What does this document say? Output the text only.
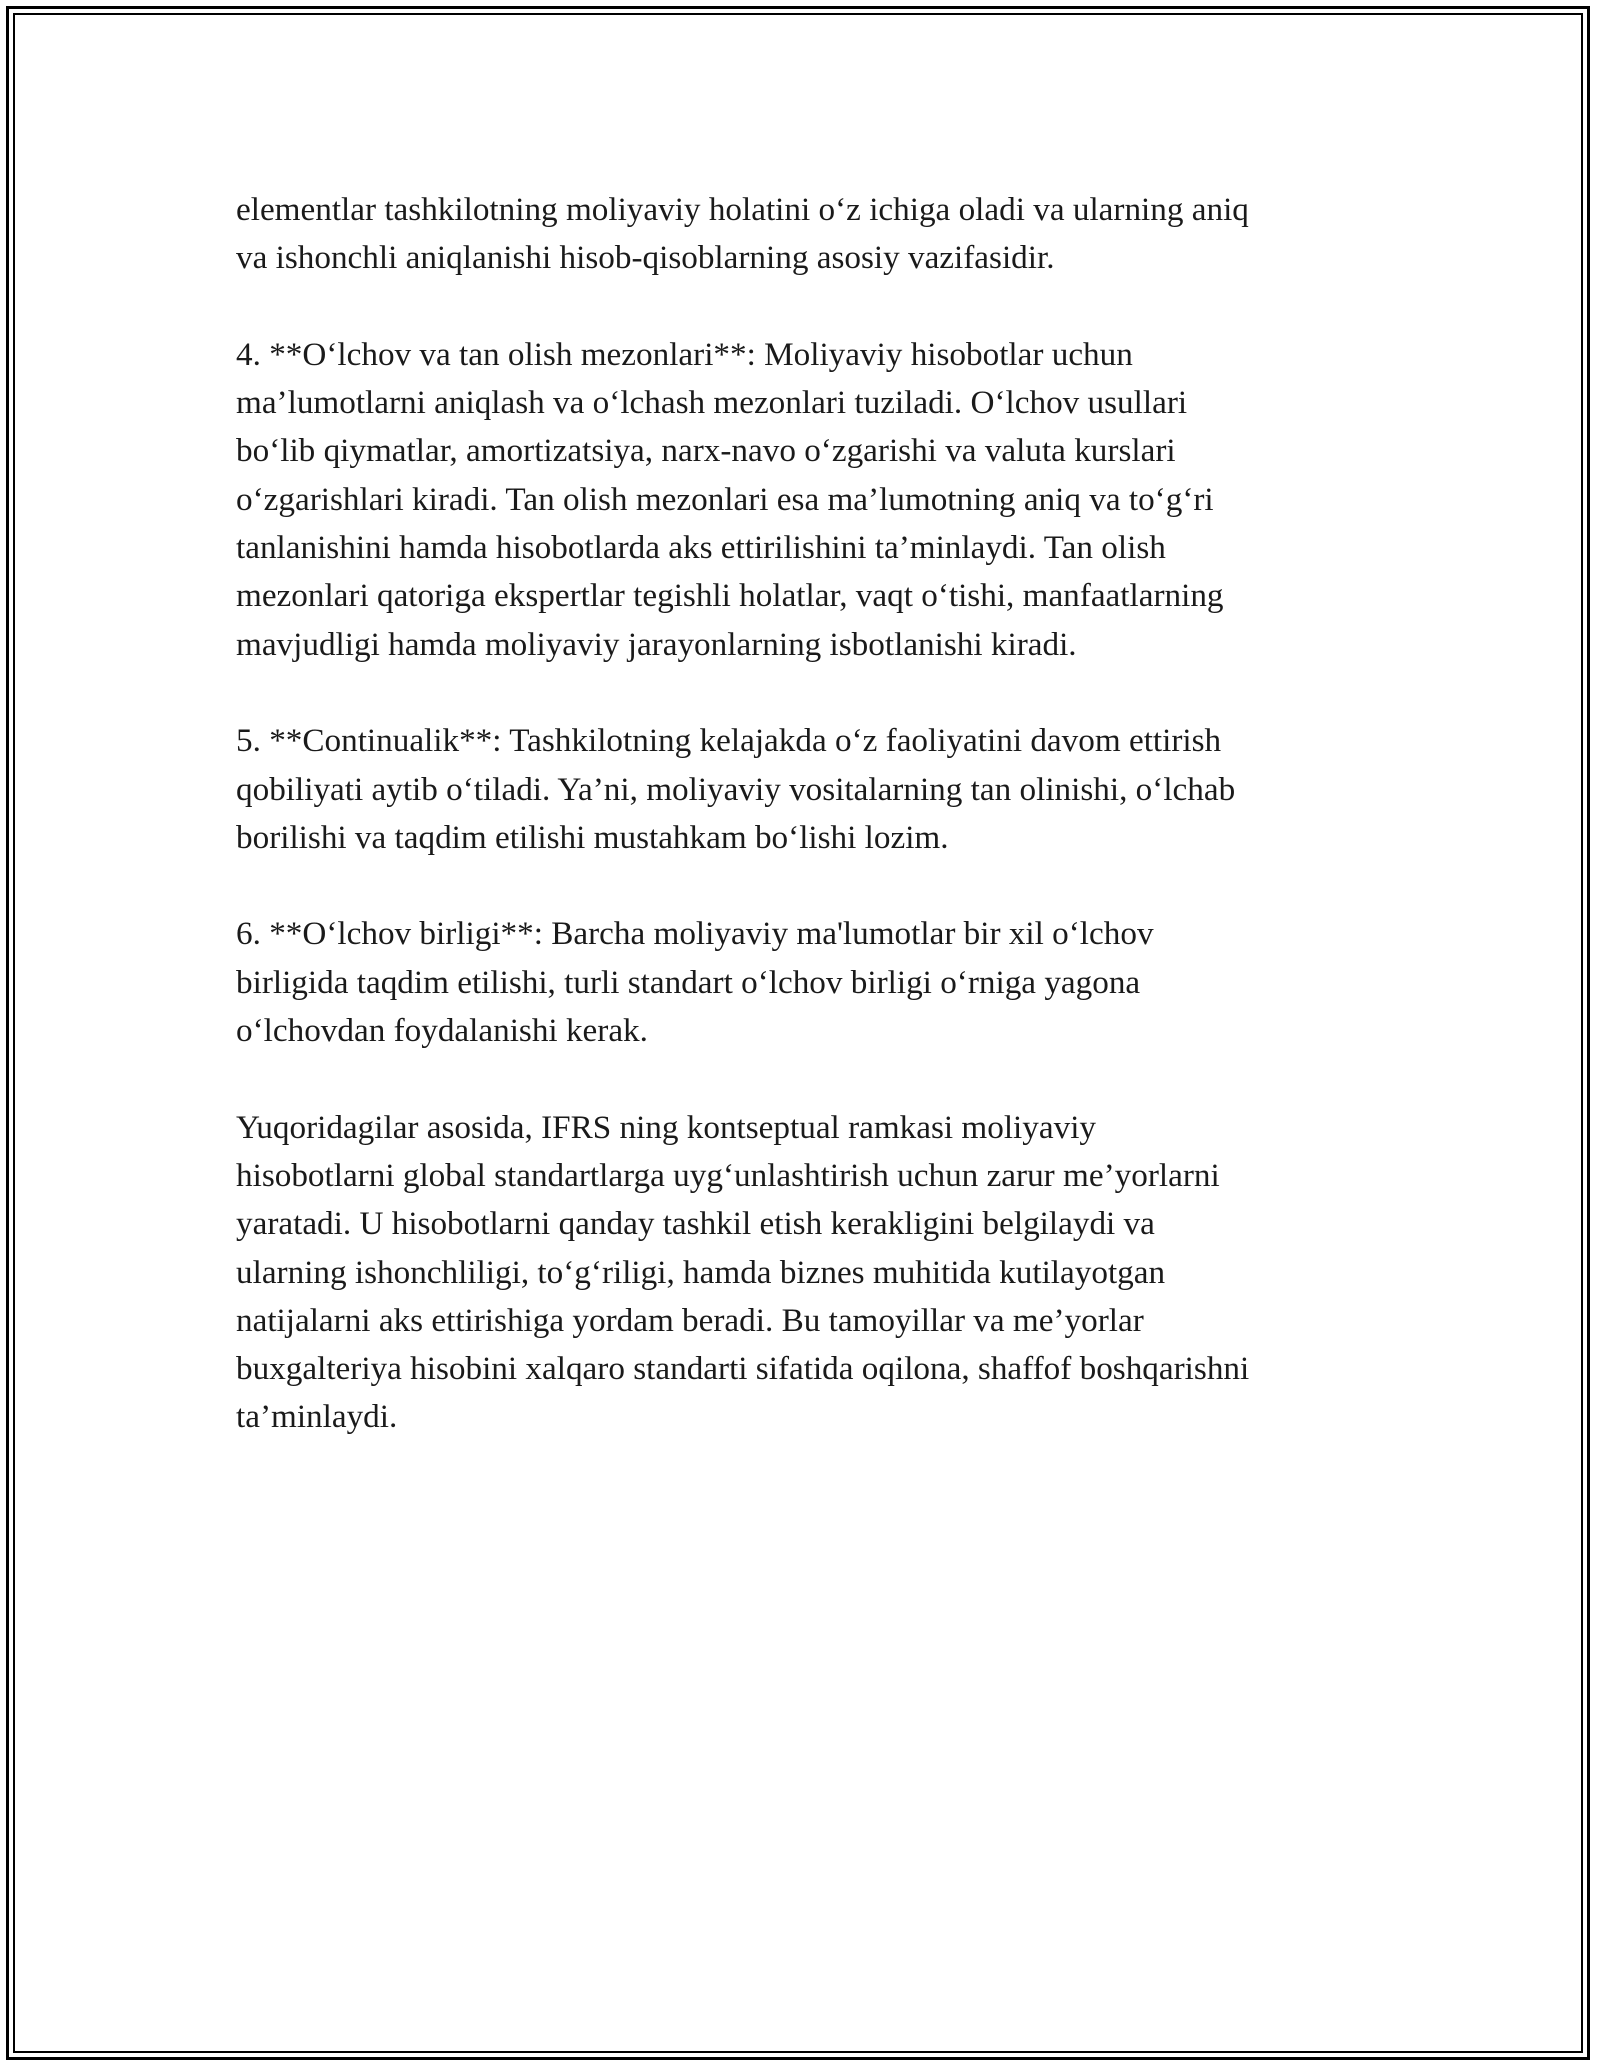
elementlar tashkilotning moliyaviy holatini o‘z ichiga oladi va ularning aniq
va ishonchli aniqlanishi hisob-qisoblarning asosiy vazifasidir.

4. **O‘lchov va tan olish mezonlari**: Moliyaviy hisobotlar uchun
ma’lumotlarni aniqlash va o‘lchash mezonlari tuziladi. O‘lchov usullari
bo‘lib qiymatlar, amortizatsiya, narx-navo o‘zgarishi va valuta kurslari
o‘zgarishlari kiradi. Tan olish mezonlari esa ma’lumotning aniq va to‘g‘ri
tanlanishini hamda hisobotlarda aks ettirilishini ta’minlaydi. Tan olish
mezonlari qatoriga ekspertlar tegishli holatlar, vaqt o‘tishi, manfaatlarning
mavjudligi hamda moliyaviy jarayonlarning isbotlanishi kiradi.

5. **Continualik**: Tashkilotning kelajakda o‘z faoliyatini davom ettirish
qobiliyati aytib o‘tiladi. Ya’ni, moliyaviy vositalarning tan olinishi, o‘lchab
borilishi va taqdim etilishi mustahkam bo‘lishi lozim.

6. **O‘lchov birligi**: Barcha moliyaviy ma'lumotlar bir xil o‘lchov
birligida taqdim etilishi, turli standart o‘lchov birligi o‘rniga yagona
o‘lchovdan foydalanishi kerak.

Yuqoridagilar asosida, IFRS ning kontseptual ramkasi moliyaviy
hisobotlarni global standartlarga uyg‘unlashtirish uchun zarur me’yorlarni
yaratadi. U hisobotlarni qanday tashkil etish kerakligini belgilaydi va
ularning ishonchliligi, to‘g‘riligi, hamda biznes muhitida kutilayotgan
natijalarni aks ettirishiga yordam beradi. Bu tamoyillar va me’yorlar
buxgalteriya hisobini xalqaro standarti sifatida oqilona, shaffof boshqarishni
ta’minlaydi.
